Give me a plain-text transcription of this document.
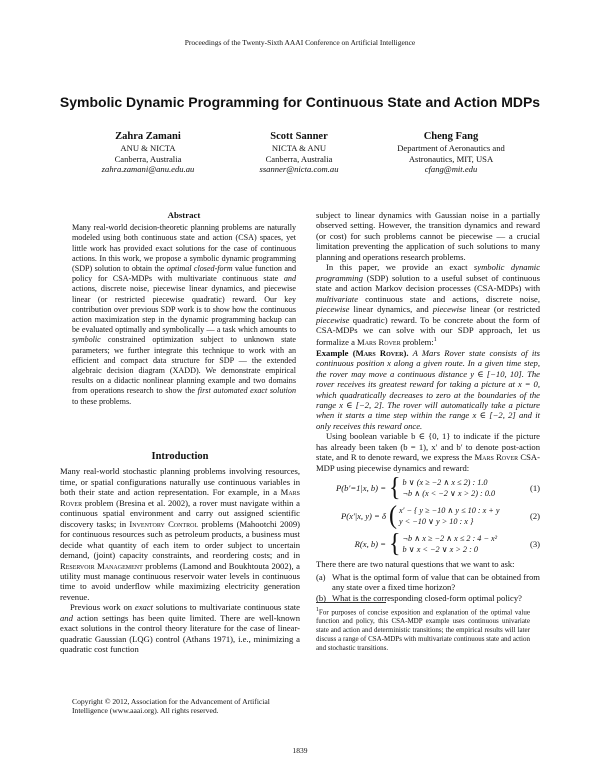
Proceedings of the Twenty-Sixth AAAI Conference on Artificial Intelligence
Symbolic Dynamic Programming for Continuous State and Action MDPs
Zahra Zamani
ANU & NICTA
Canberra, Australia
zahra.zamani@anu.edu.au
Scott Sanner
NICTA & ANU
Canberra, Australia
ssanner@nicta.com.au
Cheng Fang
Department of Aeronautics and
Astronautics, MIT, USA
cfang@mit.edu
Abstract

Many real-world decision-theoretic planning problems are naturally modeled using both continuous state and action (CSA) spaces, yet little work has provided exact solutions for the case of continuous actions. In this work, we propose a symbolic dynamic programming (SDP) solution to obtain the optimal closed-form value function and policy for CSA-MDPs with multivariate continuous state and actions, discrete noise, piecewise linear dynamics, and piecewise linear (or restricted piecewise quadratic) reward. Our key contribution over previous SDP work is to show how the continuous action maximization step in the dynamic programming backup can be evaluated optimally and symbolically — a task which amounts to symbolic constrained optimization subject to unknown state parameters; we further integrate this technique to work with an efficient and compact data structure for SDP — the extended algebraic decision diagram (XADD). We demonstrate empirical results on a didactic nonlinear planning example and two domains from operations research to show the first automated exact solution to these problems.

Introduction

Many real-world stochastic planning problems involving resources, time, or spatial configurations naturally use continuous variables in both their state and action representation. For example, in a Mars Rover problem (Bresina et al. 2002), a rover must navigate within a continuous spatial environment and carry out assigned scientific discovery tasks; in Inventory Control problems (Mahootchi 2009) for continuous resources such as petroleum products, a business must decide what quantity of each item to order subject to uncertain demand, (joint) capacity constraints, and reordering costs; and in Reservoir Management problems (Lamond and Boukhtouta 2002), a utility must manage continuous reservoir water levels in continuous time to avoid underflow while maximizing electricity generation revenue.

Previous work on exact solutions to multivariate continuous state and action settings has been quite limited. There are well-known exact solutions in the control theory literature for the case of linear-quadratic Gaussian (LQG) control (Athans 1971), i.e., minimizing a quadratic cost function

Copyright © 2012, Association for the Advancement of Artificial Intelligence (www.aaai.org). All rights reserved.

subject to linear dynamics with Gaussian noise in a partially observed setting. However, the transition dynamics and reward (or cost) for such problems cannot be piecewise — a crucial limitation preventing the application of such solutions to many planning and operations research problems.

In this paper, we provide an exact symbolic dynamic programming (SDP) solution to a useful subset of continuous state and action Markov decision processes (CSA-MDPs) with multivariate continuous state and actions, discrete noise, piecewise linear dynamics, and piecewise linear (or restricted piecewise quadratic) reward. To be concrete about the form of CSA-MDPs we can solve with our SDP approach, let us formalize a Mars Rover problem:$^1$

Example (Mars Rover). A Mars Rover state consists of its continuous position x along a given route. In a given time step, the rover may move a continuous distance y ∈ [−10, 10]. The rover receives its greatest reward for taking a picture at x = 0, which quadratically decreases to zero at the boundaries of the range x ∈ [−2, 2]. The rover will automatically take a picture when it starts a time step within the range x ∈ [−2, 2] and it only receives this reward once.

Using boolean variable b ∈ {0, 1} to indicate if the picture has already been taken (b = 1), x′ and b′ to denote post-action state, and R to denote reward, we express the Mars Rover CSA-MDP using piecewise dynamics and reward:

P(b′=1|x, b) = { b ∨ (x ≥ −2 ∧ x ≤ 2) : 1.0
¬b ∧ (x < −2 ∨ x > 2) : 0.0
(1)
P(x′|x, y) = δ ( x′ − { y ≥ −10 ∧ y ≤ 10 : x + y
y < −10 ∨ y > 10 : x }
(2)
R(x, b) = { ¬b ∧ x ≥ −2 ∧ x ≤ 2 : 4 − x²
b ∨ x < −2 ∨ x > 2 : 0
(3)

There there are two natural questions that we want to ask:

(a) What is the optimal form of value that can be obtained from any state over a fixed time horizon?
(b) What is the corresponding closed-form optimal policy?
$^1$For purposes of concise exposition and explanation of the optimal value function and policy, this CSA-MDP example uses continuous univariate state and action and deterministic transitions; the empirical results will later discuss a range of CSA-MDPs with multivariate continuous state and action and stochastic transitions.
1839
